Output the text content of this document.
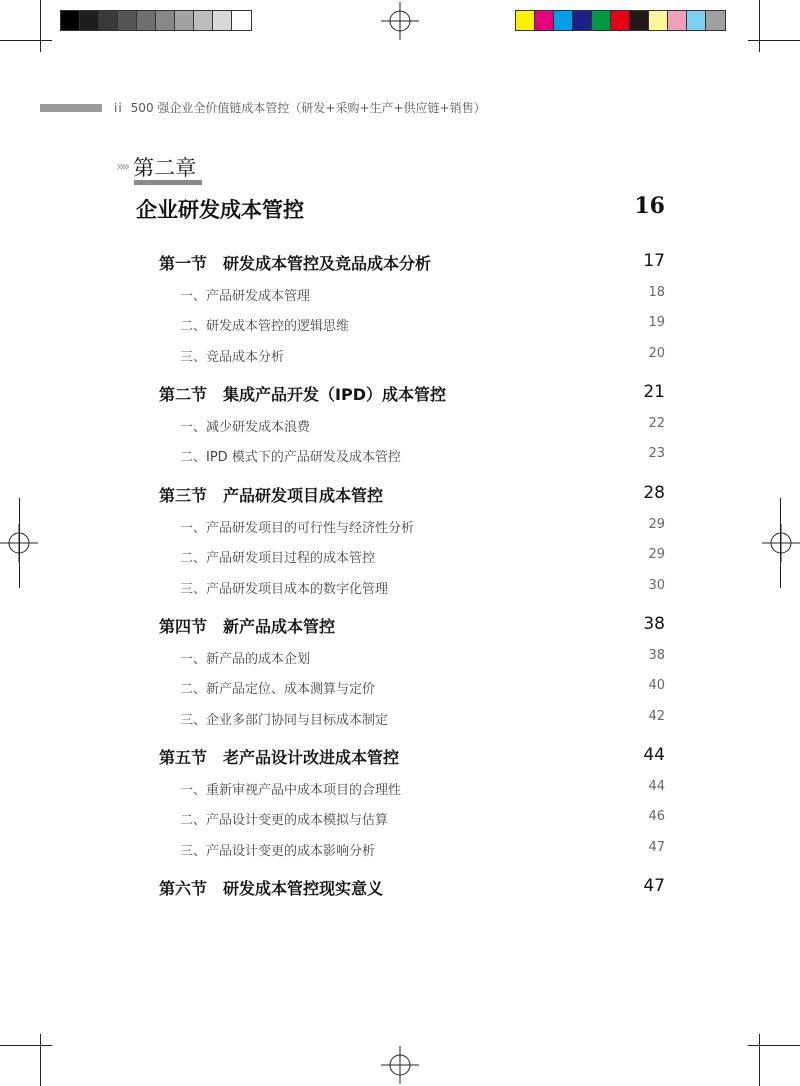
ii 500 强企业全价值链成本管控（研发+采购+生产+供应链+销售）
»» 第二章
企业研发成本管控	16
第一节 研发成本管控及竞品成本分析	17
一、产品研发成本管理	18
二、研发成本管控的逻辑思维	19
三、竞品成本分析	20
第二节 集成产品开发（IPD）成本管控	21
一、减少研发成本浪费	22
二、IPD 模式下的产品研发及成本管控	23
第三节 产品研发项目成本管控	28
一、产品研发项目的可行性与经济性分析	29
二、产品研发项目过程的成本管控	29
三、产品研发项目成本的数字化管理	30
第四节 新产品成本管控	38
一、新产品的成本企划	38
二、新产品定位、成本测算与定价	40
三、企业多部门协同与目标成本制定	42
第五节 老产品设计改进成本管控	44
一、重新审视产品中成本项目的合理性	44
二、产品设计变更的成本模拟与估算	46
三、产品设计变更的成本影响分析	47
第六节 研发成本管控现实意义	47
